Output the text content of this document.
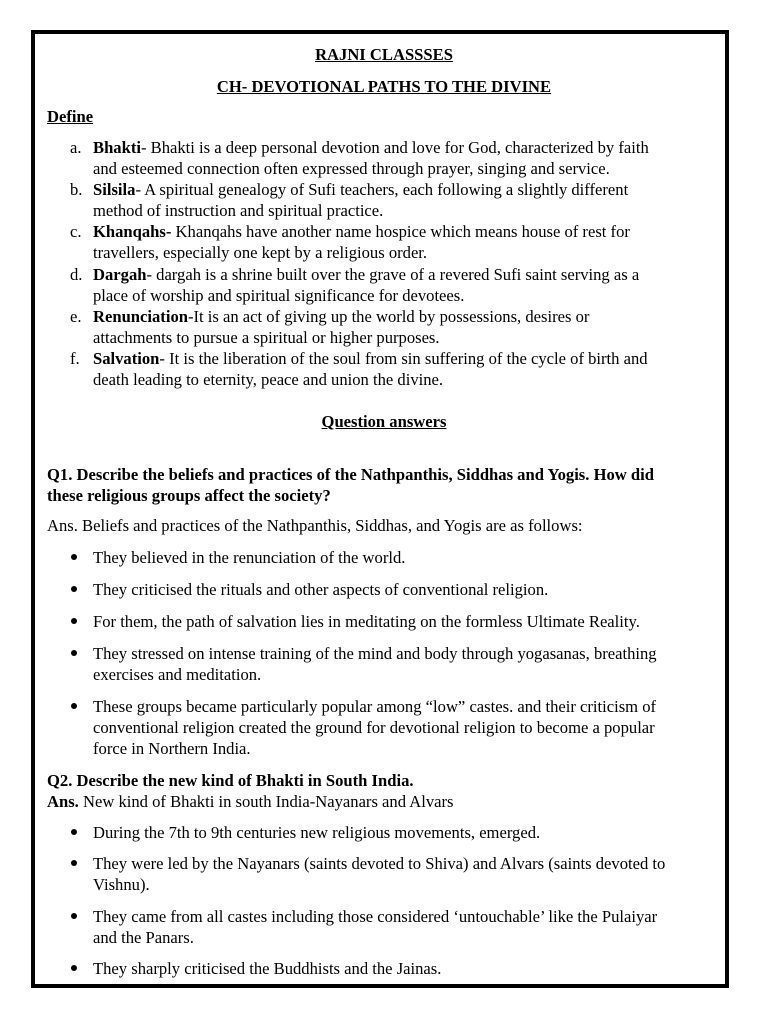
RAJNI CLASSSES
CH- DEVOTIONAL PATHS TO THE DIVINE
Define
a. Bhakti- Bhakti is a deep personal devotion and love for God, characterized by faith
and esteemed connection often expressed through prayer, singing and service.
b. Silsila- A spiritual genealogy of Sufi teachers, each following a slightly different
method of instruction and spiritual practice.
c. Khanqahs- Khanqahs have another name hospice which means house of rest for
travellers, especially one kept by a religious order.
d. Dargah- dargah is a shrine built over the grave of a revered Sufi saint serving as a
place of worship and spiritual significance for devotees.
e. Renunciation-It is an act of giving up the world by possessions, desires or
attachments to pursue a spiritual or higher purposes.
f. Salvation- It is the liberation of the soul from sin suffering of the cycle of birth and
death leading to eternity, peace and union the divine.
Question answers
Q1. Describe the beliefs and practices of the Nathpanthis, Siddhas and Yogis. How did
these religious groups affect the society?
Ans. Beliefs and practices of the Nathpanthis, Siddhas, and Yogis are as follows:
They believed in the renunciation of the world.
They criticised the rituals and other aspects of conventional religion.
For them, the path of salvation lies in meditating on the formless Ultimate Reality.
They stressed on intense training of the mind and body through yogasanas, breathing
exercises and meditation.
These groups became particularly popular among “low” castes. and their criticism of
conventional religion created the ground for devotional religion to become a popular
force in Northern India.
Q2. Describe the new kind of Bhakti in South India.
Ans. New kind of Bhakti in south India-Nayanars and Alvars
During the 7th to 9th centuries new religious movements, emerged.
They were led by the Nayanars (saints devoted to Shiva) and Alvars (saints devoted to
Vishnu).
They came from all castes including those considered ‘untouchable’ like the Pulaiyar
and the Panars.
They sharply criticised the Buddhists and the Jainas.
